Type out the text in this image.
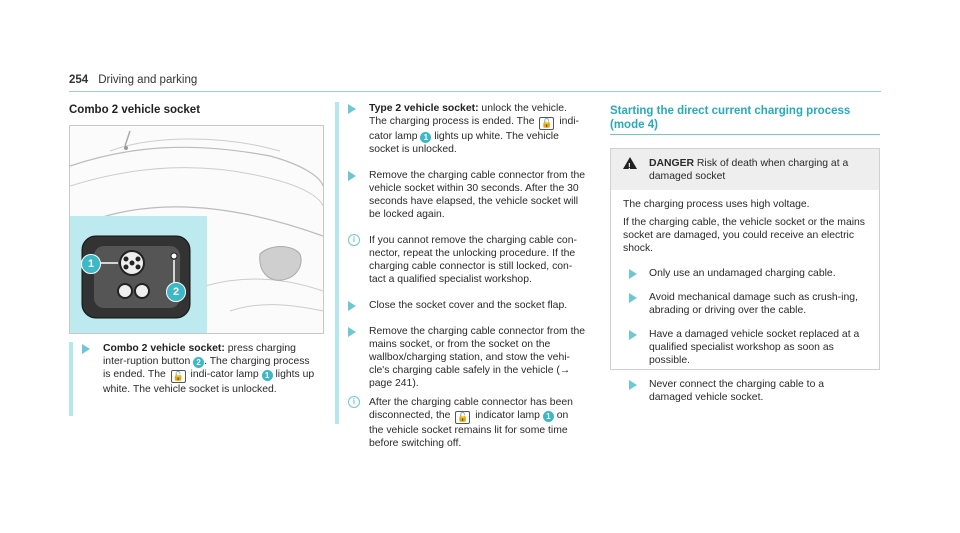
254 Driving and parking
Combo 2 vehicle socket
1
2
Combo 2 vehicle socket: press charging inter-ruption button 2 . The charging process is ended. The 🔓 indi-cator lamp 1 lights up white. The vehicle socket is unlocked.
Type 2 vehicle socket: unlock the vehicle. The charging process is ended. The 🔓 indi-cator lamp 1 lights up white. The vehicle socket is unlocked.
Remove the charging cable connector from the vehicle socket within 30 seconds. After the 30 seconds have elapsed, the vehicle socket will be locked again.
i	If you cannot remove the charging cable con-nector, repeat the unlocking procedure. If the charging cable connector is still locked, con-tact a qualified specialist workshop.
Close the socket cover and the socket flap.
Remove the charging cable connector from the mains socket, or from the socket on the wallbox/charging station, and stow the vehi-cle's charging cable safely in the vehicle (→ page 241).
i	After the charging cable connector has been disconnected, the 🔓 indicator lamp 1 on the vehicle socket remains lit for some time before switching off.
Starting the direct current charging process
(mode 4)
! DANGER Risk of death when charging at a damaged socket

The charging process uses high voltage.

If the charging cable, the vehicle socket or the mains socket are damaged, you could receive an electric shock.

Only use an undamaged charging cable.
Avoid mechanical damage such as crush-ing, abrading or driving over the cable.
Have a damaged vehicle socket replaced at a qualified specialist workshop as soon as possible.
Never connect the charging cable to a damaged vehicle socket.
